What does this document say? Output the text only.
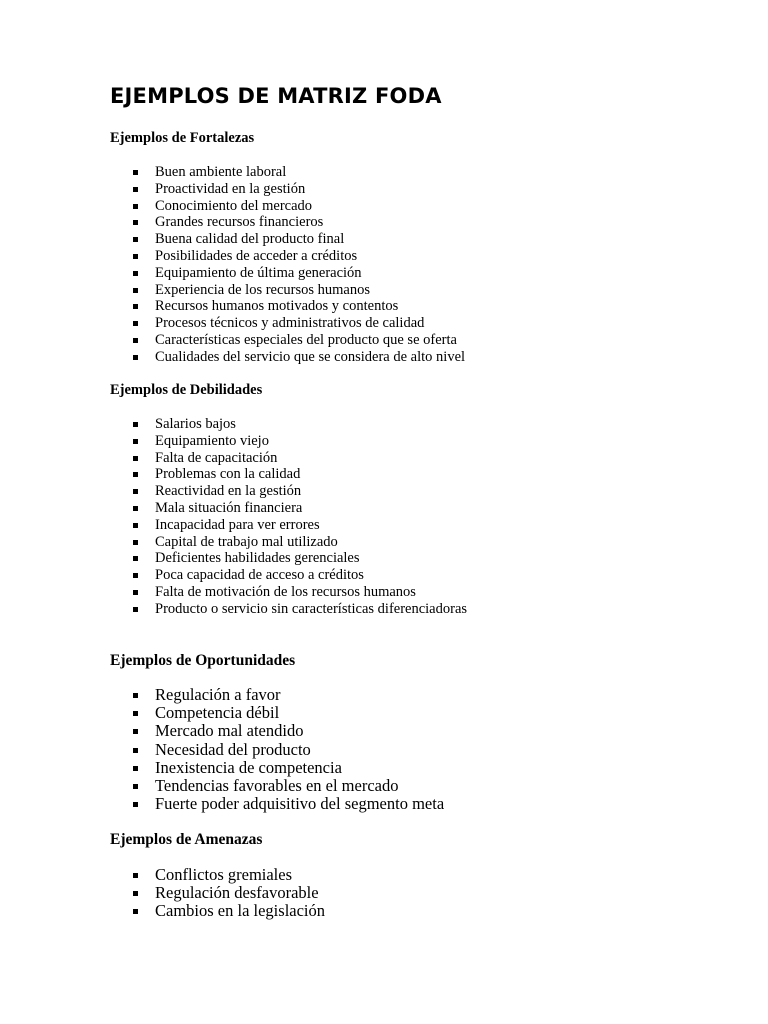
EJEMPLOS DE MATRIZ FODA
Ejemplos de Fortalezas
Buen ambiente laboral
Proactividad en la gestión
Conocimiento del mercado
Grandes recursos financieros
Buena calidad del producto final
Posibilidades de acceder a créditos
Equipamiento de última generación
Experiencia de los recursos humanos
Recursos humanos motivados y contentos
Procesos técnicos y administrativos de calidad
Características especiales del producto que se oferta
Cualidades del servicio que se considera de alto nivel
Ejemplos de Debilidades
Salarios bajos
Equipamiento viejo
Falta de capacitación
Problemas con la calidad
Reactividad en la gestión
Mala situación financiera
Incapacidad para ver errores
Capital de trabajo mal utilizado
Deficientes habilidades gerenciales
Poca capacidad de acceso a créditos
Falta de motivación de los recursos humanos
Producto o servicio sin características diferenciadoras
Ejemplos de Oportunidades
Regulación a favor
Competencia débil
Mercado mal atendido
Necesidad del producto
Inexistencia de competencia
Tendencias favorables en el mercado
Fuerte poder adquisitivo del segmento meta
Ejemplos de Amenazas
Conflictos gremiales
Regulación desfavorable
Cambios en la legislación
